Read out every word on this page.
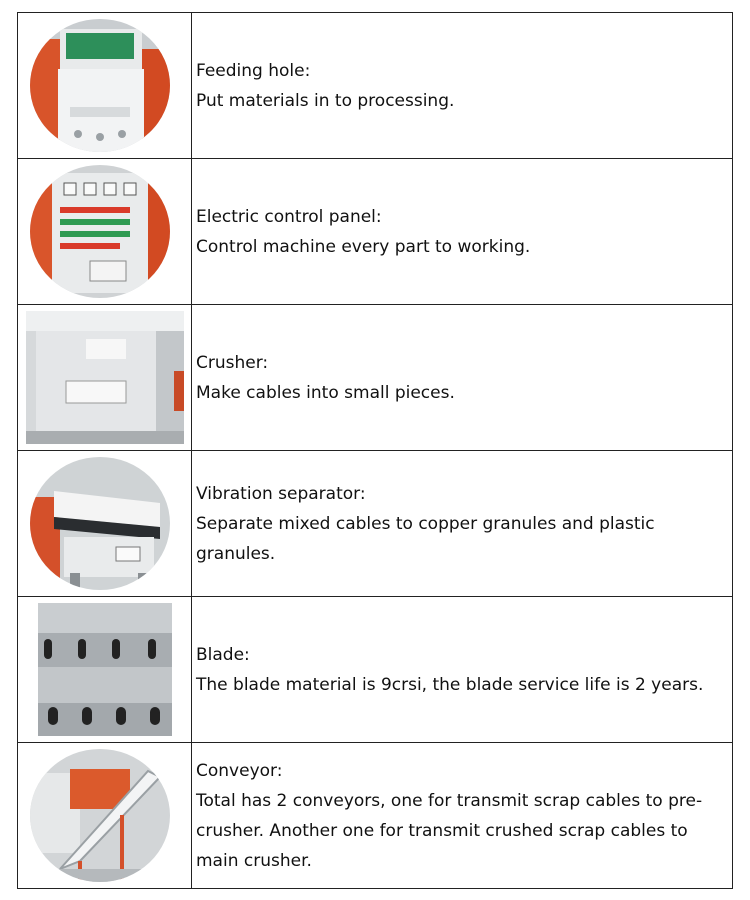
Feeding hole:
Put materials in to processing.

Electric control panel:
Control machine every part to working.

Crusher:
Make cables into small pieces.

Vibration separator:
Separate mixed cables to copper granules and plastic granules.

Blade:
The blade material is 9crsi, the blade service life is 2 years.

Conveyor:
Total has 2 conveyors, one for transmit scrap cables to pre-crusher. Another one for transmit crushed scrap cables to main crusher.
